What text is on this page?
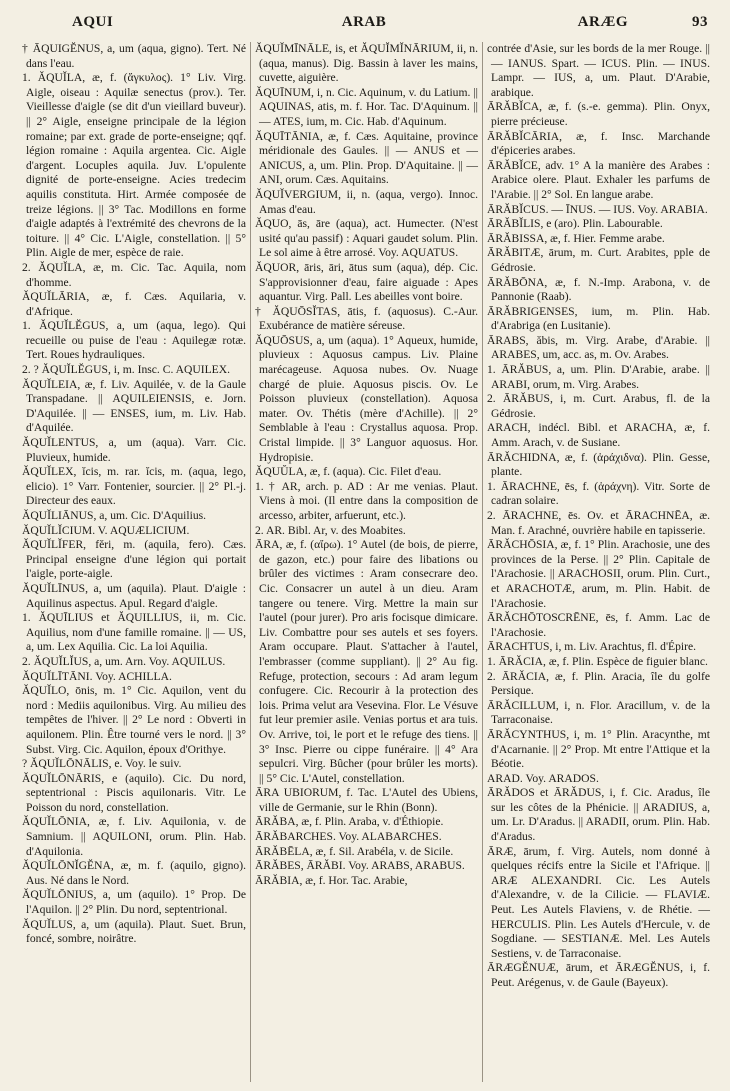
AQUI	ARAB	ARÆG	93

† ĀQUIGĔNUS, a, um (aqua, gigno). Tert. Né dans l'eau.

1. ĂQUĬLA, æ, f. (ἄγκυλος). 1° Liv. Virg. Aigle, oiseau : Aquilæ senectus (prov.). Ter. Vieillesse d'aigle (se dit d'un vieillard buveur). || 2° Aigle, enseigne principale de la légion romaine; par ext. grade de porte-enseigne; qqf. légion romaine : Aquila argentea. Cic. Aigle d'argent. Locuples aquila. Juv. L'opulente dignité de porte-enseigne. Acies tredecim aquilis constituta. Hirt. Armée composée de treize légions. || 3° Tac. Modillons en forme d'aigle adaptés à l'extrémité des chevrons de la toiture. || 4° Cic. L'Aigle, constellation. || 5° Plin. Aigle de mer, espèce de raie.

2. ĂQUĬLA, æ, m. Cic. Tac. Aquila, nom d'homme.

ĂQUĬLĀRIA, æ, f. Cæs. Aquilaria, v. d'Afrique.

1. ĂQUĬLĔGUS, a, um (aqua, lego). Qui recueille ou puise de l'eau : Aquilegæ rotæ. Tert. Roues hydrauliques.

2. ? ĂQUĬLĔGUS, i, m. Insc. C. AQUILEX.

ĂQUĬLEIA, æ, f. Liv. Aquilée, v. de la Gaule Transpadane. || AQUILEIENSIS, e. Jorn. D'Aquilée. || — ENSES, ium, m. Liv. Hab. d'Aquilée.

ĂQUĬLENTUS, a, um (aqua). Varr. Cic. Pluvieux, humide.

ĂQUĬLEX, ĭcis, m. rar. ĭcis, m. (aqua, lego, elicio). 1° Varr. Fontenier, sourcier. || 2° Pl.-j. Directeur des eaux.

ĂQUĬLIĀNUS, a, um. Cic. D'Aquilius.

ĂQUĬLĬCIUM. V. AQUÆLICIUM.

ĂQUĬLĬFER, fĕri, m. (aquila, fero). Cæs. Principal enseigne d'une légion qui portait l'aigle, porte-aigle.

ĂQUĬLĪNUS, a, um (aquila). Plaut. D'aigle : Aquilinus aspectus. Apul. Regard d'aigle.

1. ĂQUĪLIUS et ĂQUILLIUS, ii, m. Cic. Aquilius, nom d'une famille romaine. || — US, a, um. Lex Aquilia. Cic. La loi Aquilia.

2. ĂQUĬLĬUS, a, um. Arn. Voy. AQUILUS.

ĂQUĬLĪTĀNI. Voy. ACHILLA.

ĂQUĬLO, ōnis, m. 1° Cic. Aquilon, vent du nord : Mediis aquilonibus. Virg. Au milieu des tempêtes de l'hiver. || 2° Le nord : Obverti in aquilonem. Plin. Être tourné vers le nord. || 3° Subst. Virg. Cic. Aquilon, époux d'Orithye.

? ĂQUĬLŌNĀLIS, e. Voy. le suiv.

ĂQUĬLŌNĀRIS, e (aquilo). Cic. Du nord, septentrional : Piscis aquilonaris. Vitr. Le Poisson du nord, constellation.

ĂQUĬLŌNIA, æ, f. Liv. Aquilonia, v. de Samnium. || AQUILONI, orum. Plin. Hab. d'Aquilonia.

ĂQUĬLŌNĬGĔNA, æ, m. f. (aquilo, gigno). Aus. Né dans le Nord.

ĂQUĬLŌNIUS, a, um (aquilo). 1° Prop. De l'Aquilon. || 2° Plin. Du nord, septentrional.

ĂQUĬLUS, a, um (aquila). Plaut. Suet. Brun, foncé, sombre, noirâtre.

ĂQUĬMĪNĀLE, is, et ĂQUĬMĬNĀRIUM, ii, n. (aqua, manus). Dig. Bassin à laver les mains, cuvette, aiguière.

ĂQUĪNUM, i, n. Cic. Aquinum, v. du Latium. || AQUINAS, atis, m. f. Hor. Tac. D'Aquinum. || — ATES, ium, m. Cic. Hab. d'Aquinum.

ĂQUĪTĀNIA, æ, f. Cæs. Aquitaine, province méridionale des Gaules. || — ANUS et — ANICUS, a, um. Plin. Prop. D'Aquitaine. || — ANI, orum. Cæs. Aquitains.

ĂQUĬVERGIUM, ii, n. (aqua, vergo). Innoc. Amas d'eau.

ĂQUO, ās, āre (aqua), act. Humecter. (N'est usité qu'au passif) : Aquari gaudet solum. Plin. Le sol aime à être arrosé. Voy. AQUATUS.

ĂQUOR, āris, āri, ātus sum (aqua), dép. Cic. S'approvisionner d'eau, faire aiguade : Apes aquantur. Virg. Pall. Les abeilles vont boire.

† ĂQUŌSĬTAS, ātis, f. (aquosus). C.-Aur. Exubérance de matière séreuse.

ĂQUŌSUS, a, um (aqua). 1° Aqueux, humide, pluvieux : Aquosus campus. Liv. Plaine marécageuse. Aquosa nubes. Ov. Nuage chargé de pluie. Aquosus piscis. Ov. Le Poisson pluvieux (constellation). Aquosa mater. Ov. Thétis (mère d'Achille). || 2° Semblable à l'eau : Crystallus aquosa. Prop. Cristal limpide. || 3° Languor aquosus. Hor. Hydropisie.

ĂQUŬLA, æ, f. (aqua). Cic. Filet d'eau.

1. † AR, arch. p. AD : Ar me venias. Plaut. Viens à moi. (Il entre dans la composition de arcesso, arbiter, arfuerunt, etc.).

2. AR. Bibl. Ar, v. des Moabites.

ĀRA, æ, f. (αἴρω). 1° Autel (de bois, de pierre, de gazon, etc.) pour faire des libations ou brûler des victimes : Aram consecrare deo. Cic. Consacrer un autel à un dieu. Aram tangere ou tenere. Virg. Mettre la main sur l'autel (pour jurer). Pro aris focisque dimicare. Liv. Combattre pour ses autels et ses foyers. Aram occupare. Plaut. S'attacher à l'autel, l'embrasser (comme suppliant). || 2° Au fig. Refuge, protection, secours : Ad aram legum confugere. Cic. Recourir à la protection des lois. Prima velut ara Vesevina. Flor. Le Vésuve fut leur premier asile. Venias portus et ara tuis. Ov. Arrive, toi, le port et le refuge des tiens. || 3° Insc. Pierre ou cippe funéraire. || 4° Ara sepulcri. Virg. Bûcher (pour brûler les morts). || 5° Cic. L'Autel, constellation.

ĀRA UBIORUM, f. Tac. L'Autel des Ubiens, ville de Germanie, sur le Rhin (Bonn).

ĀRĂBA, æ, f. Plin. Araba, v. d'Éthiopie.

ĀRĂBARCHES. Voy. ALABARCHES.

ĀRĂBĒLA, æ, f. Sil. Arabéla, v. de Sicile.

ĀRĂBES, ĀRĂBI. Voy. ARABS, ARABUS.

ĀRĂBIA, æ, f. Hor. Tac. Arabie,

contrée d'Asie, sur les bords de la mer Rouge. || — IANUS. Spart. — ICUS. Plin. — INUS. Lampr. — IUS, a, um. Plaut. D'Arabie, arabique.

ĀRĂBĬCA, æ, f. (s.-e. gemma). Plin. Onyx, pierre précieuse.

ĀRĂBĬCĀRIA, æ, f. Insc. Marchande d'épiceries arabes.

ĀRĂBĬCE, adv. 1° A la manière des Arabes : Arabice olere. Plaut. Exhaler les parfums de l'Arabie. || 2° Sol. En langue arabe.

ĀRĂBĬCUS. — ĪNUS. — IUS. Voy. ARABIA.

ĀRĂBĬLIS, e (aro). Plin. Labourable.

ĀRĂBISSA, æ, f. Hier. Femme arabe.

ĀRĂBITÆ, ārum, m. Curt. Arabites, pple de Gédrosie.

ĀRĂBŌNA, æ, f. N.-Imp. Arabona, v. de Pannonie (Raab).

ĀRĂBRIGENSES, ium, m. Plin. Hab. d'Arabriga (en Lusitanie).

ĀRABS, ăbis, m. Virg. Arabe, d'Arabie. || ARABES, um, acc. as, m. Ov. Arabes.

1. ĀRĂBUS, a, um. Plin. D'Arabie, arabe. || ARABI, orum, m. Virg. Arabes.

2. ĀRĂBUS, i, m. Curt. Arabus, fl. de la Gédrosie.

ARACH, indécl. Bibl. et ARACHA, æ, f. Amm. Arach, v. de Susiane.

ĀRĂCHIDNA, æ, f. (ἀράχιδνα). Plin. Gesse, plante.

1. ĀRACHNE, ēs, f. (ἀράχνη). Vitr. Sorte de cadran solaire.

2. ĀRACHNE, ēs. Ov. et ĀRACHNĒA, æ. Man. f. Arachné, ouvrière habile en tapisserie.

ĀRĂCHŌSIA, æ, f. 1° Plin. Arachosie, une des provinces de la Perse. || 2° Plin. Capitale de l'Arachosie. || ARACHOSII, orum. Plin. Curt., et ARACHOTÆ, arum, m. Plin. Habit. de l'Arachosie.

ĀRĂCHŌTOSCRĒNE, ēs, f. Amm. Lac de l'Arachosie.

ĀRACHTUS, i, m. Liv. Arachtus, fl. d'Épire.

1. ĀRĂCIA, æ, f. Plin. Espèce de figuier blanc.

2. ĀRĂCIA, æ, f. Plin. Aracia, île du golfe Persique.

ĀRĂCILLUM, i, n. Flor. Aracillum, v. de la Tarraconaise.

ĀRĂCYNTHUS, i, m. 1° Plin. Aracynthe, mt d'Acarnanie. || 2° Prop. Mt entre l'Attique et la Béotie.

ARAD. Voy. ARADOS.

ĀRĂDOS et ĀRĂDUS, i, f. Cic. Aradus, île sur les côtes de la Phénicie. || ARADIUS, a, um. Lr. D'Aradus. || ARADII, orum. Plin. Hab. d'Aradus.

ĀRÆ, ārum, f. Virg. Autels, nom donné à quelques récifs entre la Sicile et l'Afrique. || ARÆ ALEXANDRI. Cic. Les Autels d'Alexandre, v. de la Cilicie. — FLAVIÆ. Peut. Les Autels Flaviens, v. de Rhétie. — HERCULIS. Plin. Les Autels d'Hercule, v. de Sogdiane. — SESTIANÆ. Mel. Les Autels Sestiens, v. de Tarraconaise.

ĀRÆGĔNUÆ, ārum, et ĀRÆGĔNUS, i, f. Peut. Arégenus, v. de Gaule (Bayeux).
